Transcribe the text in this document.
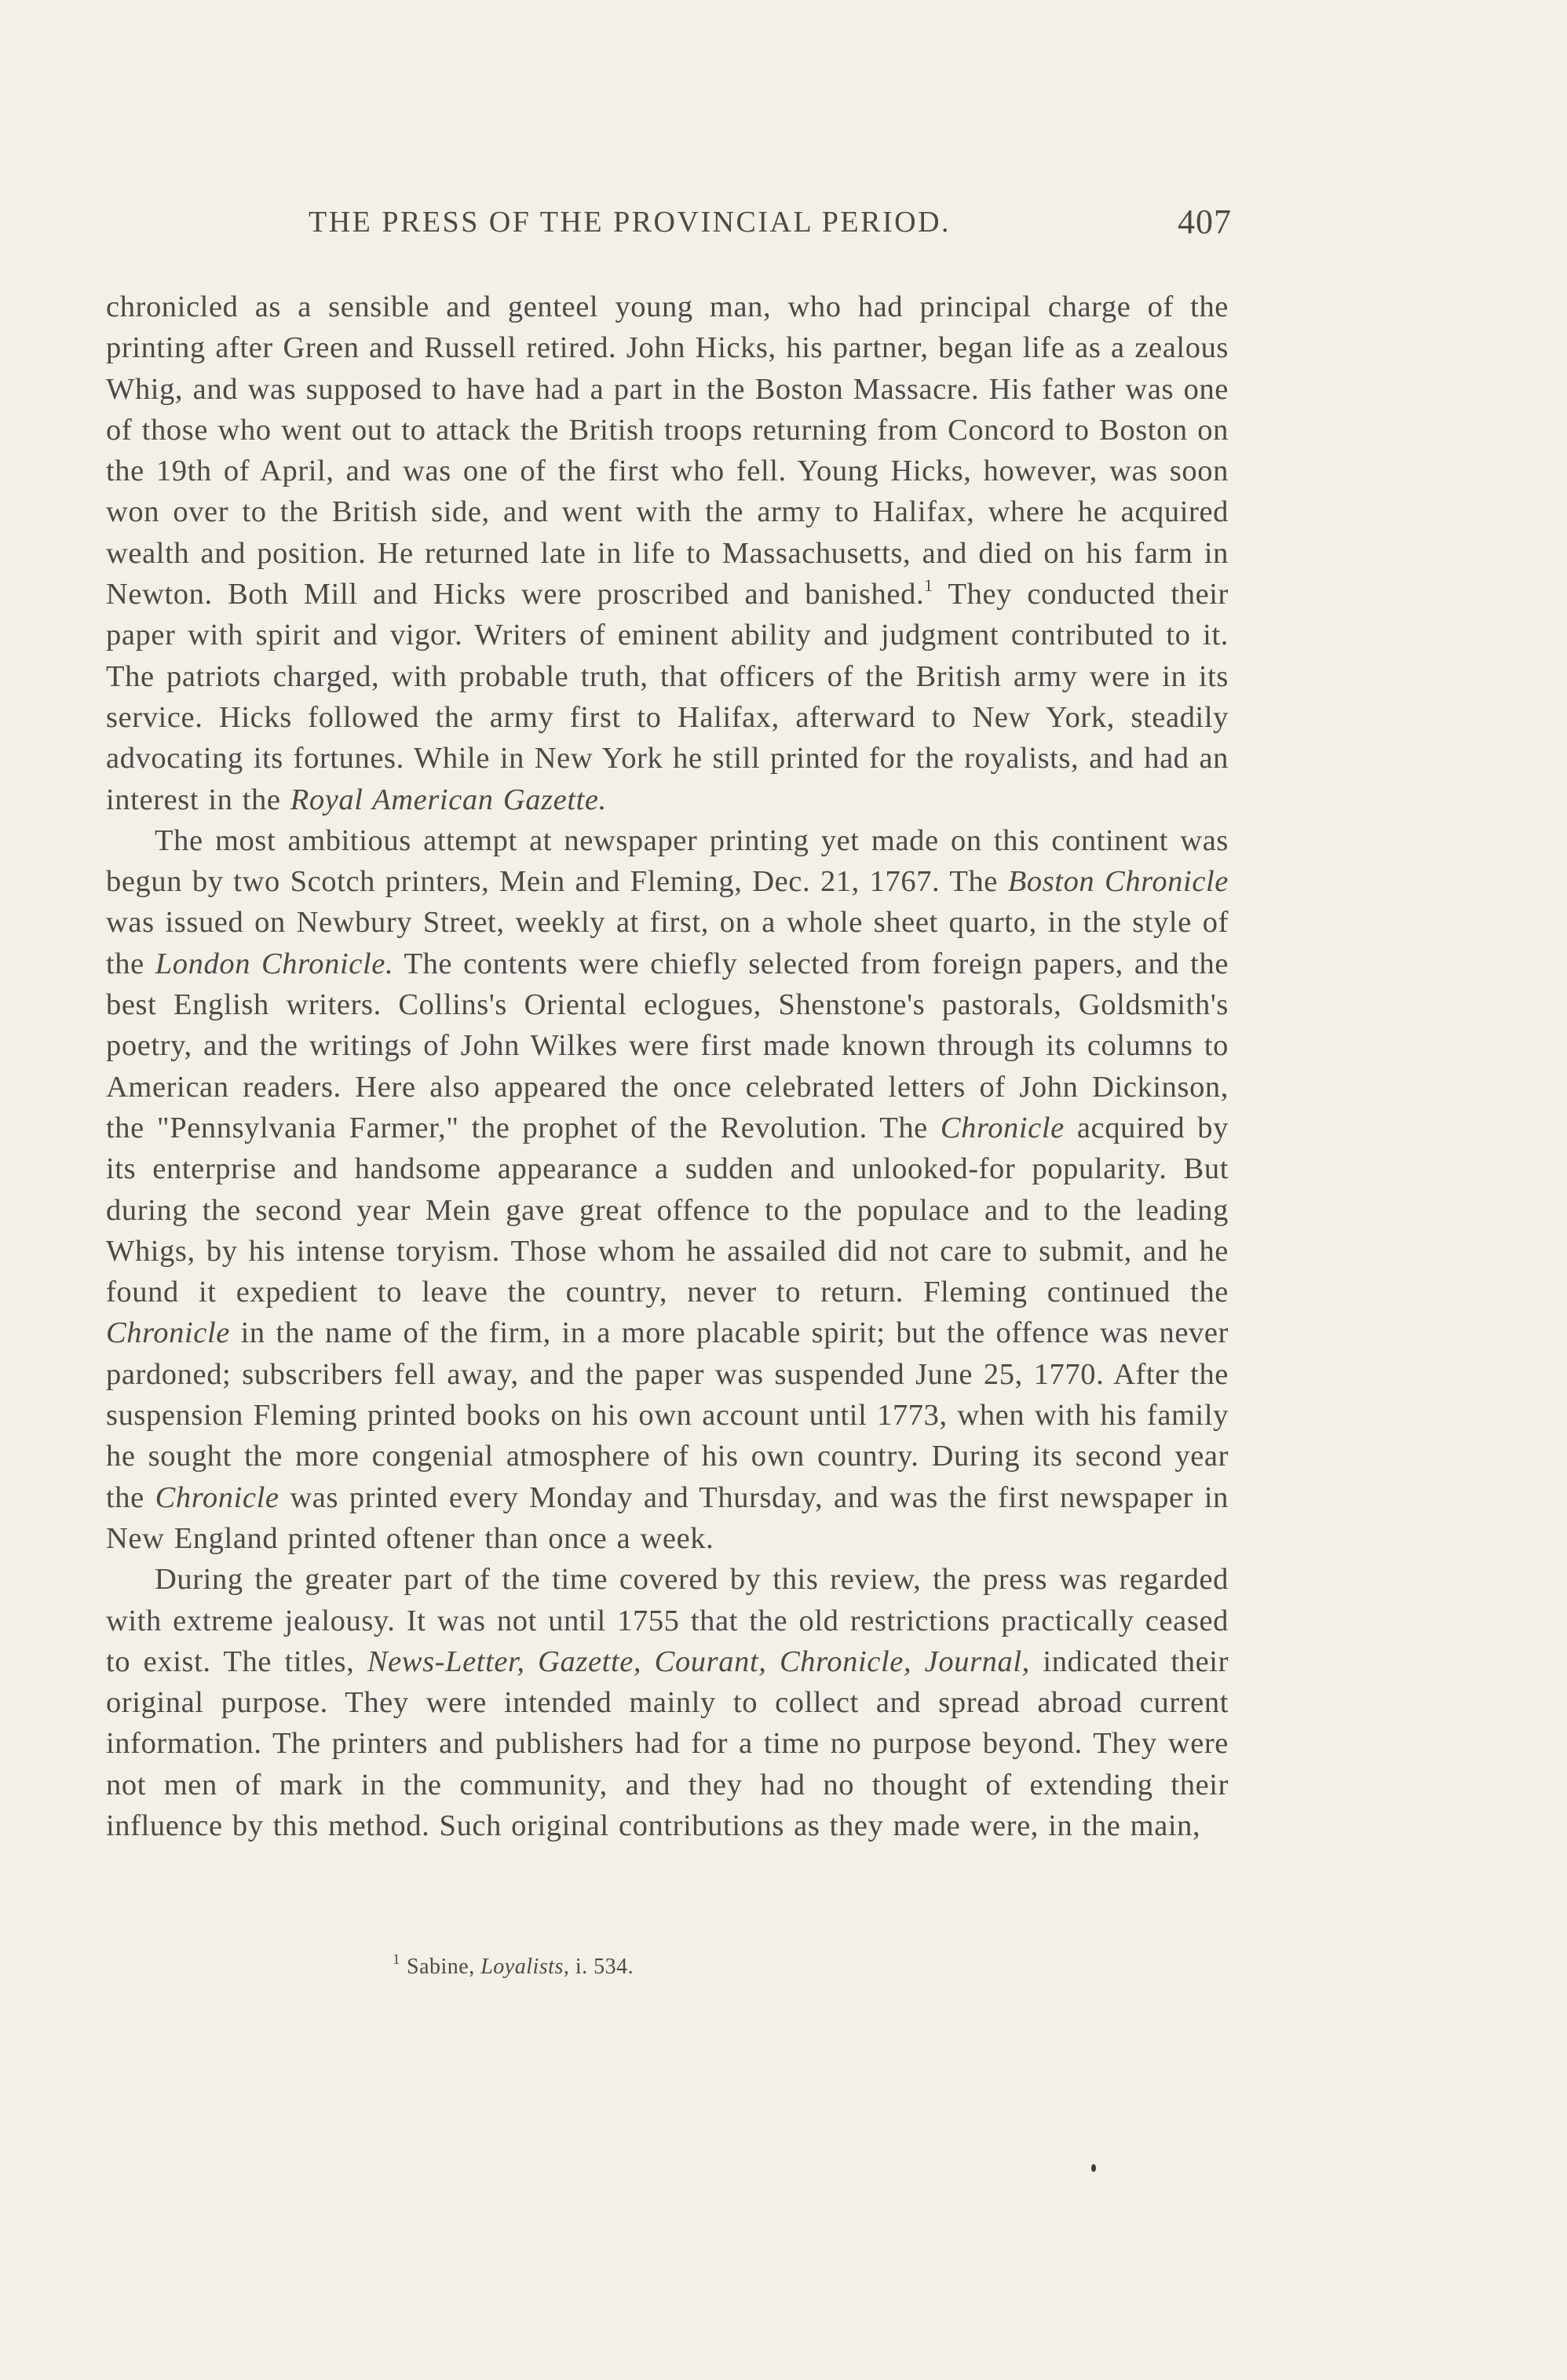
THE PRESS OF THE PROVINCIAL PERIOD.	407

chronicled as a sensible and genteel young man, who had principal charge of the printing after Green and Russell retired. John Hicks, his partner, began life as a zealous Whig, and was supposed to have had a part in the Boston Massacre. His father was one of those who went out to attack the British troops returning from Concord to Boston on the 19th of April, and was one of the first who fell. Young Hicks, however, was soon won over to the British side, and went with the army to Halifax, where he acquired wealth and position. He returned late in life to Massachusetts, and died on his farm in Newton. Both Mill and Hicks were proscribed and banished.$^1$ They conducted their paper with spirit and vigor. Writers of eminent ability and judgment contributed to it. The patriots charged, with probable truth, that officers of the British army were in its service. Hicks followed the army first to Halifax, afterward to New York, steadily advocating its fortunes. While in New York he still printed for the royalists, and had an interest in the Royal American Gazette.

The most ambitious attempt at newspaper printing yet made on this continent was begun by two Scotch printers, Mein and Fleming, Dec. 21, 1767. The Boston Chronicle was issued on Newbury Street, weekly at first, on a whole sheet quarto, in the style of the London Chronicle. The contents were chiefly selected from foreign papers, and the best English writers. Collins's Oriental eclogues, Shenstone's pastorals, Goldsmith's poetry, and the writings of John Wilkes were first made known through its columns to American readers. Here also appeared the once celebrated letters of John Dickinson, the "Pennsylvania Farmer," the prophet of the Revolution. The Chronicle acquired by its enterprise and handsome appearance a sudden and unlooked-for popularity. But during the second year Mein gave great offence to the populace and to the leading Whigs, by his intense toryism. Those whom he assailed did not care to submit, and he found it expedient to leave the country, never to return. Fleming continued the Chronicle in the name of the firm, in a more placable spirit; but the offence was never pardoned; subscribers fell away, and the paper was suspended June 25, 1770. After the suspension Fleming printed books on his own account until 1773, when with his family he sought the more congenial atmosphere of his own country. During its second year the Chronicle was printed every Monday and Thursday, and was the first newspaper in New England printed oftener than once a week.

During the greater part of the time covered by this review, the press was regarded with extreme jealousy. It was not until 1755 that the old restrictions practically ceased to exist. The titles, News-Letter, Gazette, Courant, Chronicle, Journal, indicated their original purpose. They were intended mainly to collect and spread abroad current information. The printers and publishers had for a time no purpose beyond. They were not men of mark in the community, and they had no thought of extending their influence by this method. Such original contributions as they made were, in the main,

$^1$ Sabine, Loyalists, i. 534.
